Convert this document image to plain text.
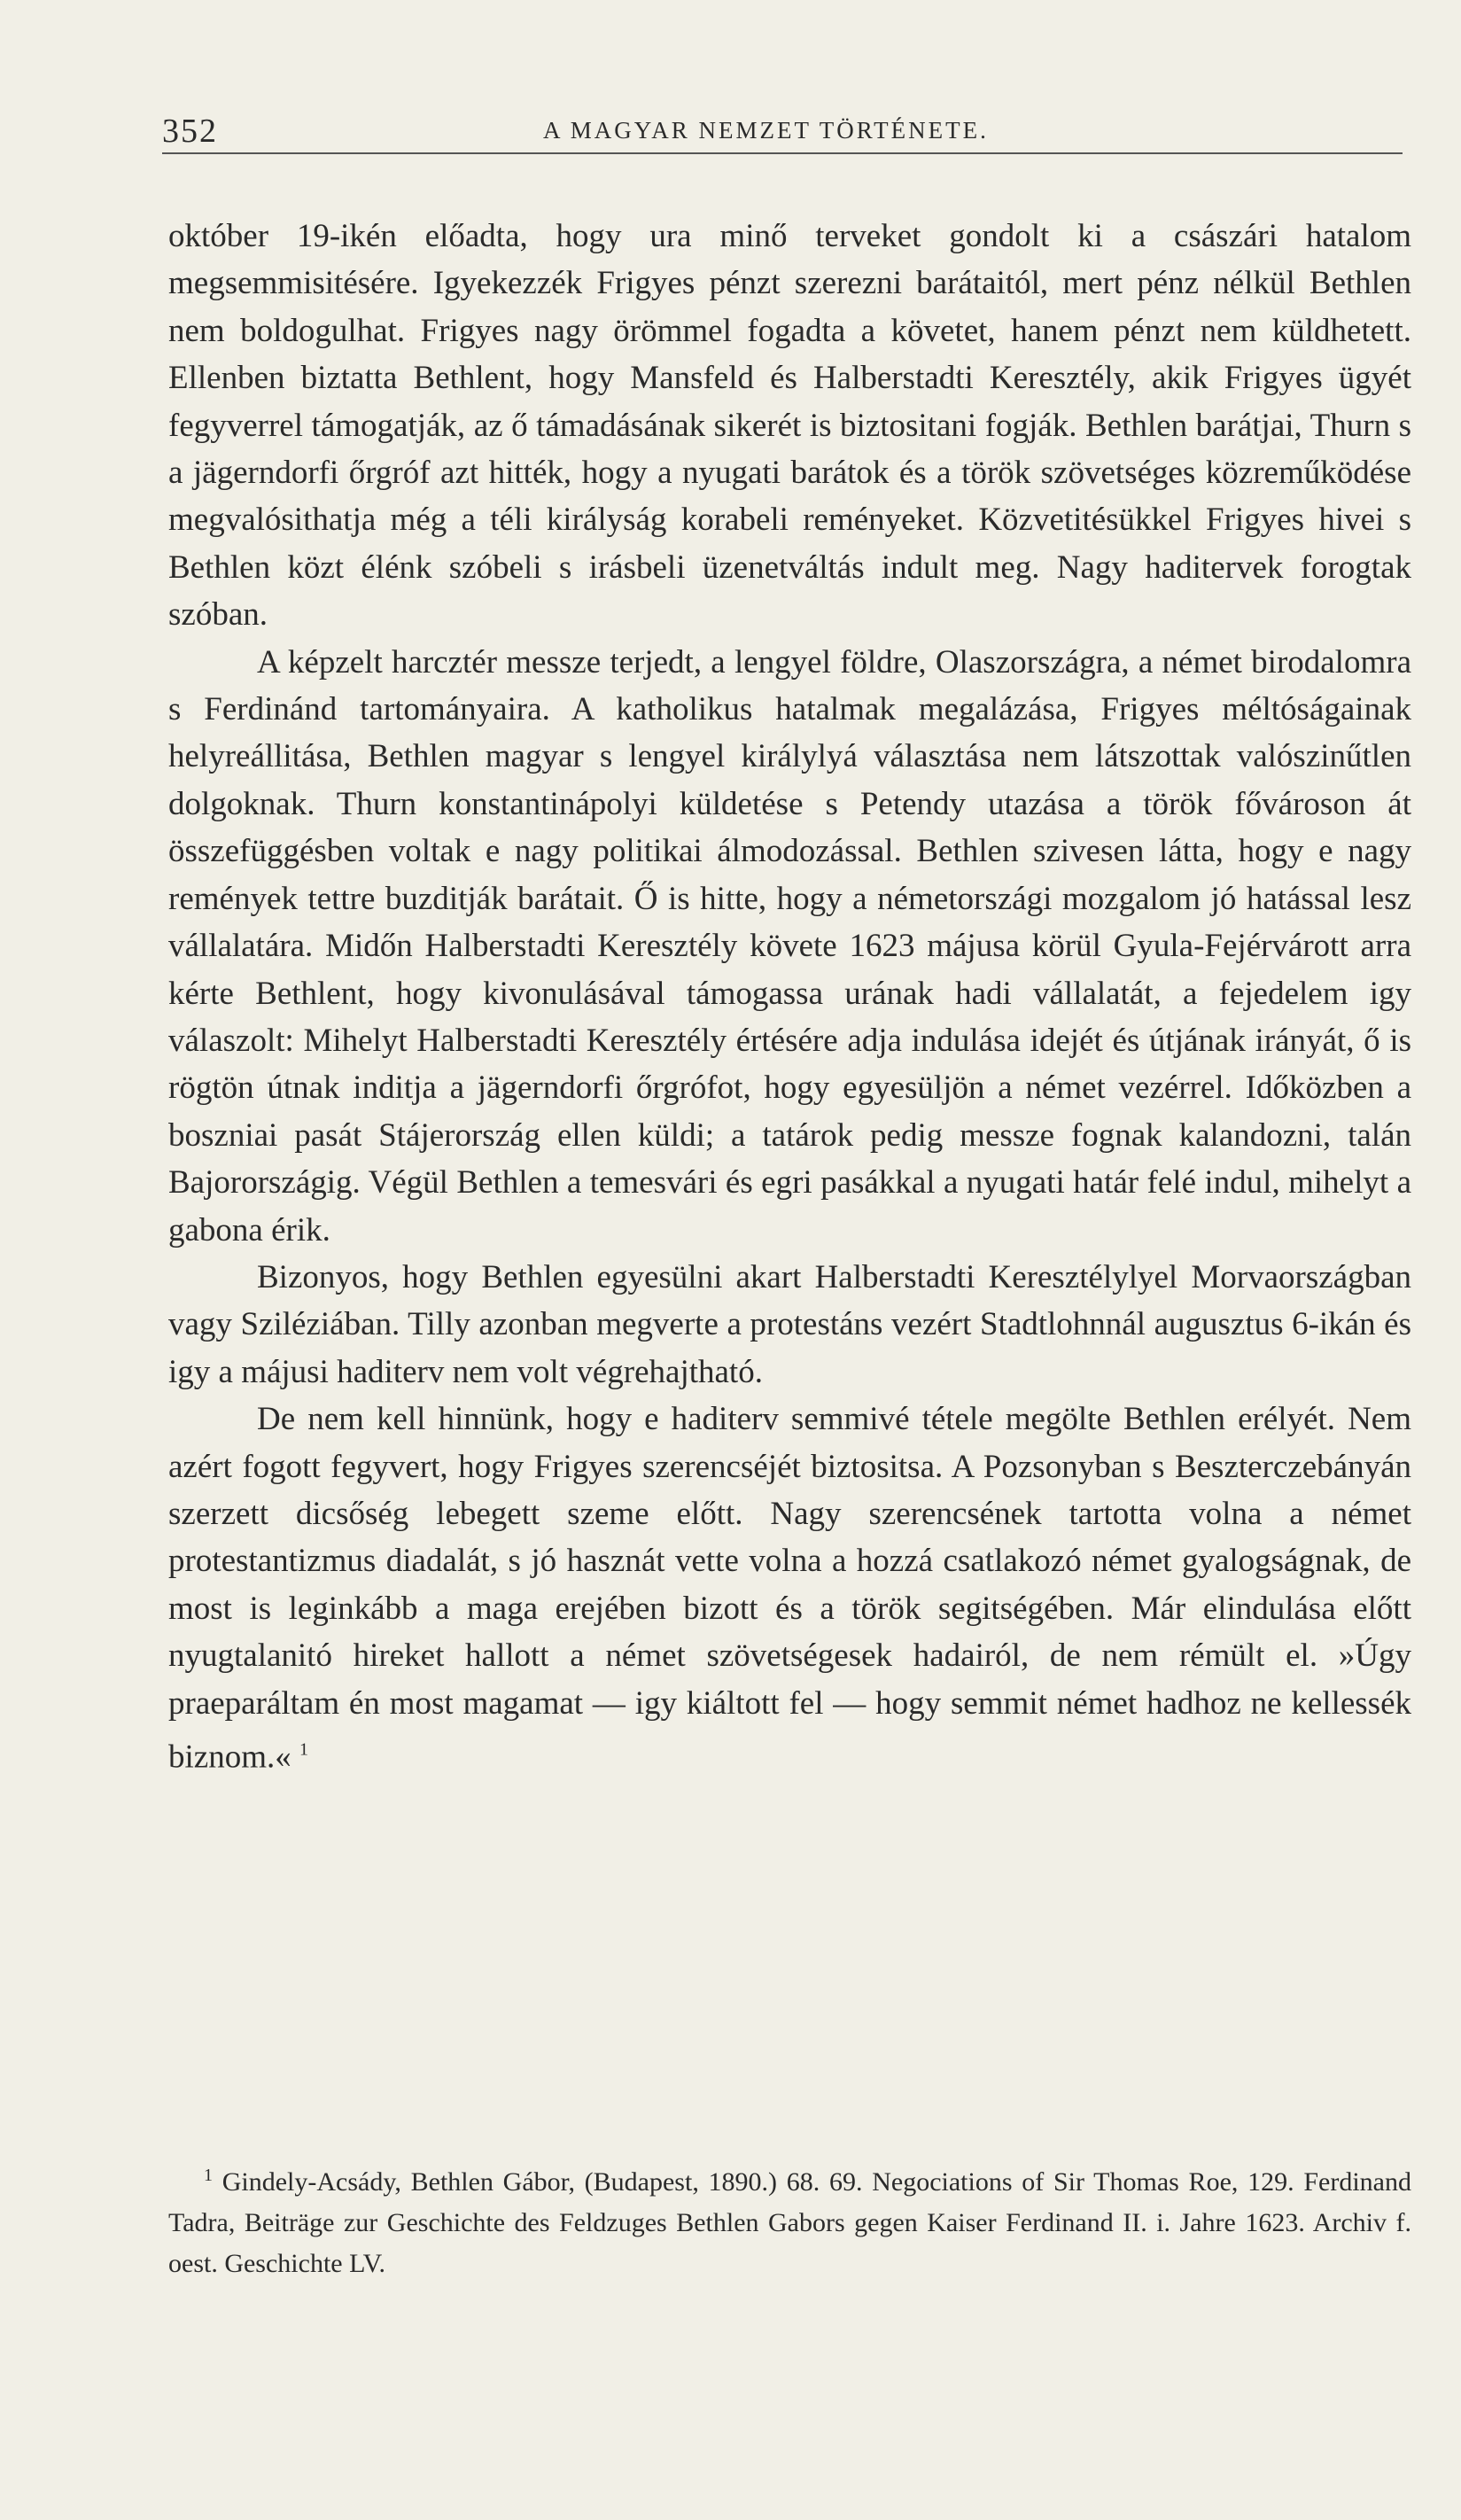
352	A MAGYAR NEMZET TÖRTÉNETE.

október 19-ikén előadta, hogy ura minő terveket gondolt ki a császári hatalom megsemmisitésére. Igyekezzék Frigyes pénzt szerezni barátaitól, mert pénz nélkül Bethlen nem boldogulhat. Frigyes nagy örömmel fogadta a követet, hanem pénzt nem küldhetett. Ellenben biztatta Bethlent, hogy Mansfeld és Halberstadti Keresztély, akik Frigyes ügyét fegyverrel támogatják, az ő támadásának sikerét is biztositani fogják. Bethlen barátjai, Thurn s a jägerndorfi őrgróf azt hitték, hogy a nyugati barátok és a török szövetséges közreműködése megvalósithatja még a téli királyság korabeli reményeket. Közvetitésükkel Frigyes hivei s Bethlen közt élénk szóbeli s irásbeli üzenetváltás indult meg. Nagy haditervek forogtak szóban.

A képzelt harcztér messze terjedt, a lengyel földre, Olaszországra, a német birodalomra s Ferdinánd tartományaira. A katholikus hatalmak megalázása, Frigyes méltóságainak helyreállitása, Bethlen magyar s lengyel királylyá választása nem látszottak valószinűtlen dolgoknak. Thurn konstantinápolyi küldetése s Petendy utazása a török fővároson át összefüggésben voltak e nagy politikai álmodozással. Bethlen szivesen látta, hogy e nagy remények tettre buzditják barátait. Ő is hitte, hogy a németországi mozgalom jó hatással lesz vállalatára. Midőn Halberstadti Keresztély követe 1623 májusa körül Gyula-Fejérvárott arra kérte Bethlent, hogy kivonulásával támogassa urának hadi vállalatát, a fejedelem igy válaszolt: Mihelyt Halberstadti Keresztély értésére adja indulása idejét és útjának irányát, ő is rögtön útnak inditja a jägerndorfi őrgrófot, hogy egyesüljön a német vezérrel. Időközben a boszniai pasát Stájerország ellen küldi; a tatárok pedig messze fognak kalandozni, talán Bajorországig. Végül Bethlen a temesvári és egri pasákkal a nyugati határ felé indul, mihelyt a gabona érik.

Bizonyos, hogy Bethlen egyesülni akart Halberstadti Keresztélylyel Morvaországban vagy Sziléziában. Tilly azonban megverte a protestáns vezért Stadtlohnnál augusztus 6-ikán és igy a májusi haditerv nem volt végrehajtható.

De nem kell hinnünk, hogy e haditerv semmivé tétele megölte Bethlen erélyét. Nem azért fogott fegyvert, hogy Frigyes szerencséjét biztositsa. A Pozsonyban s Beszterczebányán szerzett dicsőség lebegett szeme előtt. Nagy szerencsének tartotta volna a német protestantizmus diadalát, s jó hasznát vette volna a hozzá csatlakozó német gyalogságnak, de most is leginkább a maga erejében bizott és a török segitségében. Már elindulása előtt nyugtalanitó hireket hallott a német szövetségesek hadairól, de nem rémült el. »Úgy praeparáltam én most magamat — igy kiáltott fel — hogy semmit német hadhoz ne kellessék biznom.« $^1$

$^1$ Gindely-Acsády, Bethlen Gábor, (Budapest, 1890.) 68. 69. Negociations of Sir Thomas Roe, 129. Ferdinand Tadra, Beiträge zur Geschichte des Feldzuges Bethlen Gabors gegen Kaiser Ferdinand II. i. Jahre 1623. Archiv f. oest. Geschichte LV.
